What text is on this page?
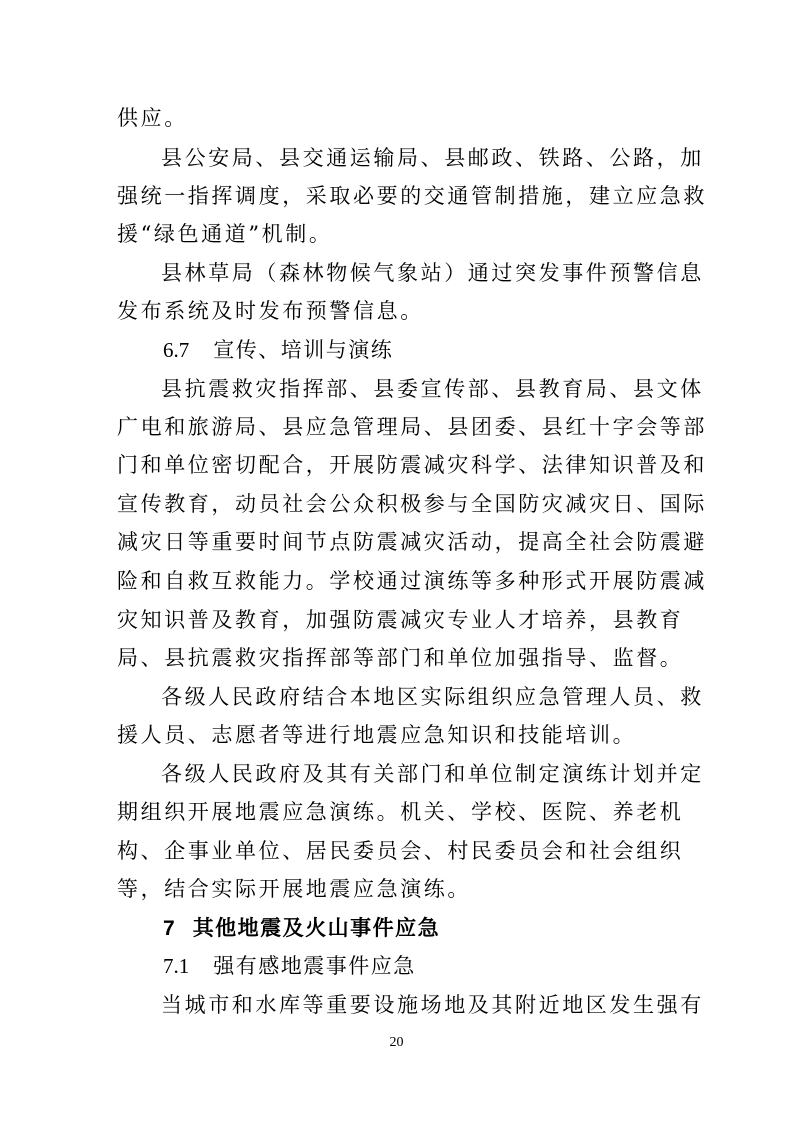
供应。
县公安局、县交通运输局、县邮政、铁路、公路，加
强统一指挥调度，采取必要的交通管制措施，建立应急救
援“绿色通道”机制。
县林草局（森林物候气象站）通过突发事件预警信息
发布系统及时发布预警信息。
6.7 宣传、培训与演练
县抗震救灾指挥部、县委宣传部、县教育局、县文体
广电和旅游局、县应急管理局、县团委、县红十字会等部
门和单位密切配合，开展防震减灾科学、法律知识普及和
宣传教育，动员社会公众积极参与全国防灾减灾日、国际
减灾日等重要时间节点防震减灾活动，提高全社会防震避
险和自救互救能力。学校通过演练等多种形式开展防震减
灾知识普及教育，加强防震减灾专业人才培养，县教育
局、县抗震救灾指挥部等部门和单位加强指导、监督。
各级人民政府结合本地区实际组织应急管理人员、救
援人员、志愿者等进行地震应急知识和技能培训。
各级人民政府及其有关部门和单位制定演练计划并定
期组织开展地震应急演练。机关、学校、医院、养老机
构、企事业单位、居民委员会、村民委员会和社会组织
等，结合实际开展地震应急演练。
7 其他地震及火山事件应急
7.1 强有感地震事件应急
当城市和水库等重要设施场地及其附近地区发生强有
20
